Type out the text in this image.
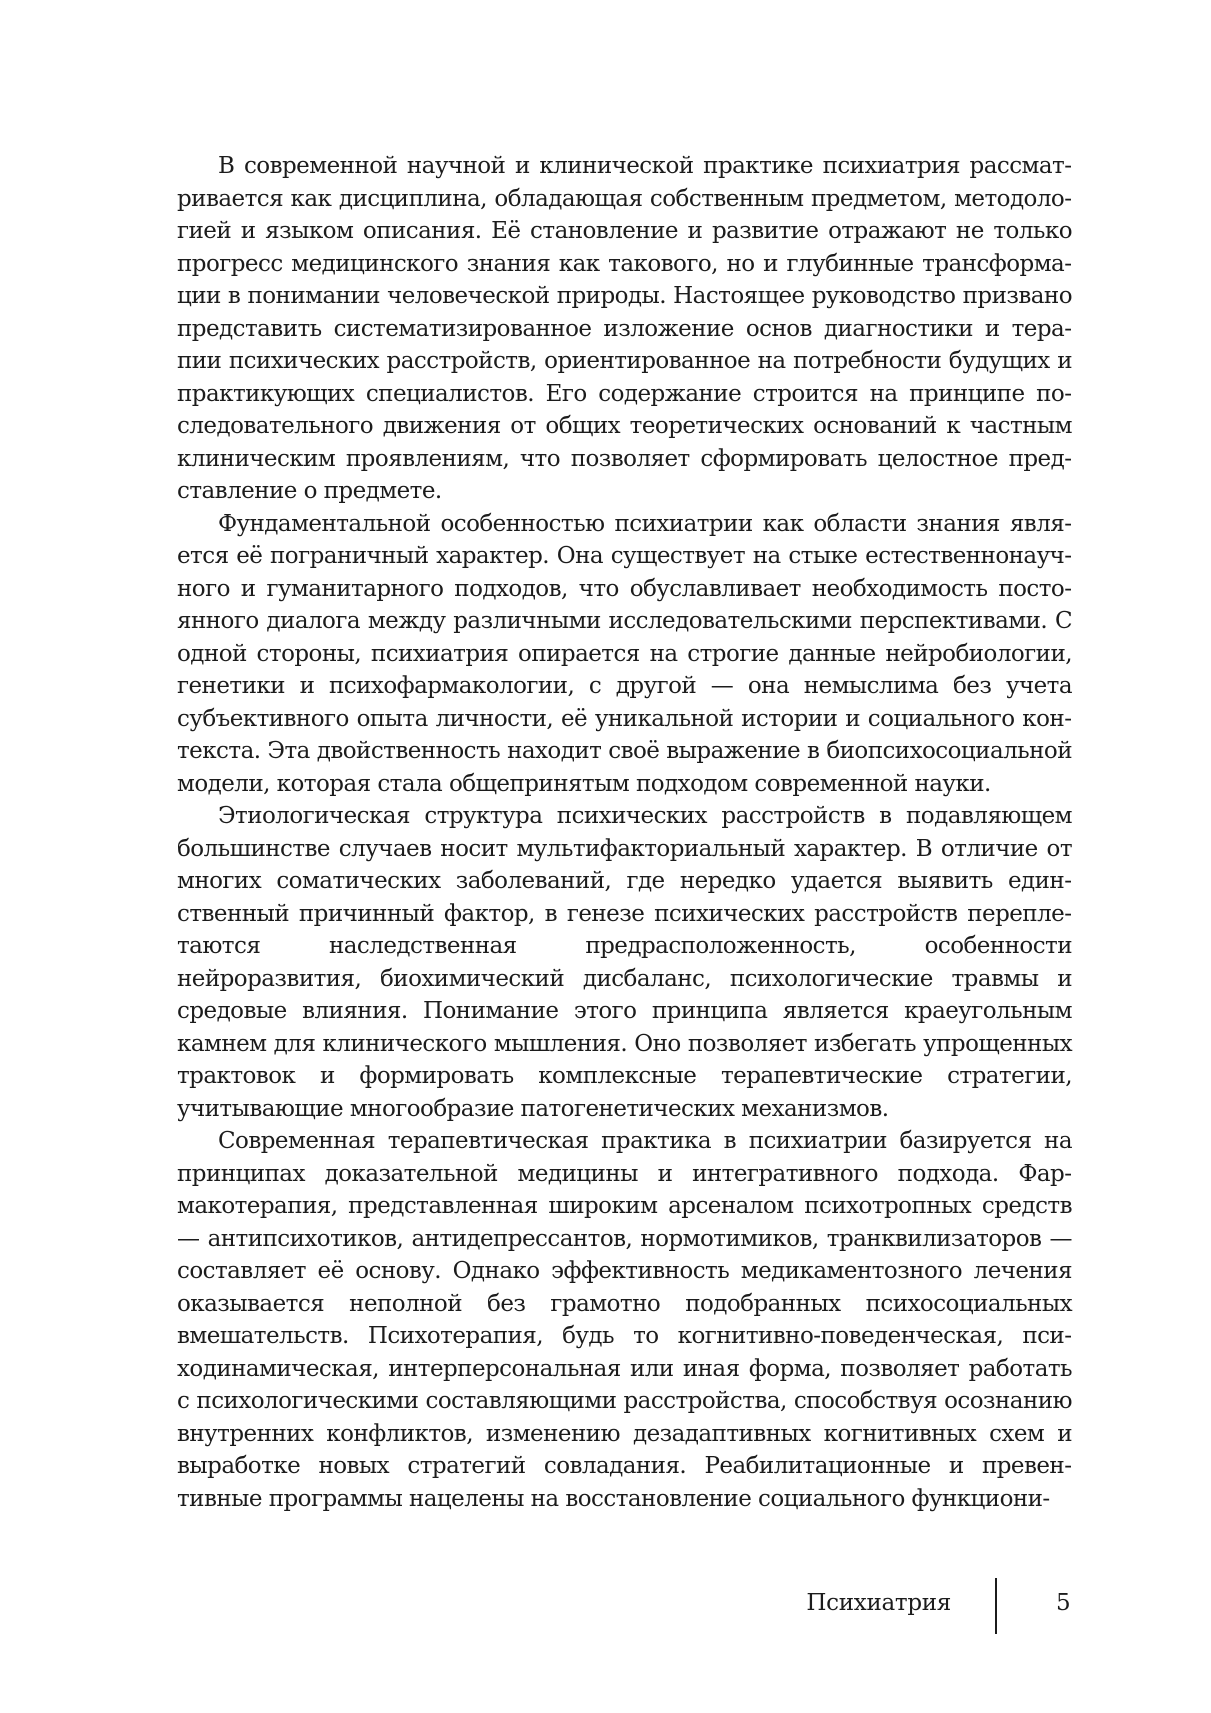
В современной научной и клинической практике психиатрия рассматривается как дисциплина, обладающая собственным предметом, методологией и языком описания. Её становление и развитие отражают не только прогресс медицинского знания как такового, но и глубинные трансформации в понимании человеческой природы. Настоящее руководство призвано представить систематизированное изложение основ диагностики и терапии психических расстройств, ориентированное на потребности будущих и практикующих специалистов. Его содержание строится на принципе последовательного движения от общих теоретических оснований к частным клиническим проявлениям, что позволяет сформировать целостное представление о предмете.

Фундаментальной особенностью психиатрии как области знания является её пограничный характер. Она существует на стыке естественнонаучного и гуманитарного подходов, что обуславливает необходимость постоянного диалога между различными исследовательскими перспективами. С одной стороны, психиатрия опирается на строгие данные нейробиологии, генетики и психофармакологии, с другой — она немыслима без учета субъективного опыта личности, её уникальной истории и социального контекста. Эта двойственность находит своё выражение в биопсихосоциальной модели, которая стала общепринятым подходом современной науки.

Этиологическая структура психических расстройств в подавляющем большинстве случаев носит мультифакториальный характер. В отличие от многих соматических заболеваний, где нередко удается выявить единственный причинный фактор, в генезе психических расстройств переплетаются наследственная предрасположенность, особенности нейроразвития, биохимический дисбаланс, психологические травмы и средовые влияния. Понимание этого принципа является краеугольным камнем для клинического мышления. Оно позволяет избегать упрощенных трактовок и формировать комплексные терапевтические стратегии, учитывающие многообразие патогенетических механизмов.

Современная терапевтическая практика в психиатрии базируется на принципах доказательной медицины и интегративного подхода. Фармакотерапия, представленная широким арсеналом психотропных средств — антипсихотиков, антидепрессантов, нормотимиков, транквилизаторов — составляет её основу. Однако эффективность медикаментозного лечения оказывается неполной без грамотно подобранных психосоциальных вмешательств. Психотерапия, будь то когнитивно-поведенческая, психодинамическая, интерперсональная или иная форма, позволяет работать с психологическими составляющими расстройства, способствуя осознанию внутренних конфликтов, изменению дезадаптивных когнитивных схем и выработке новых стратегий совладания. Реабилитационные и превентивные программы нацелены на восстановление социального функциони-

Психиатрия	5
